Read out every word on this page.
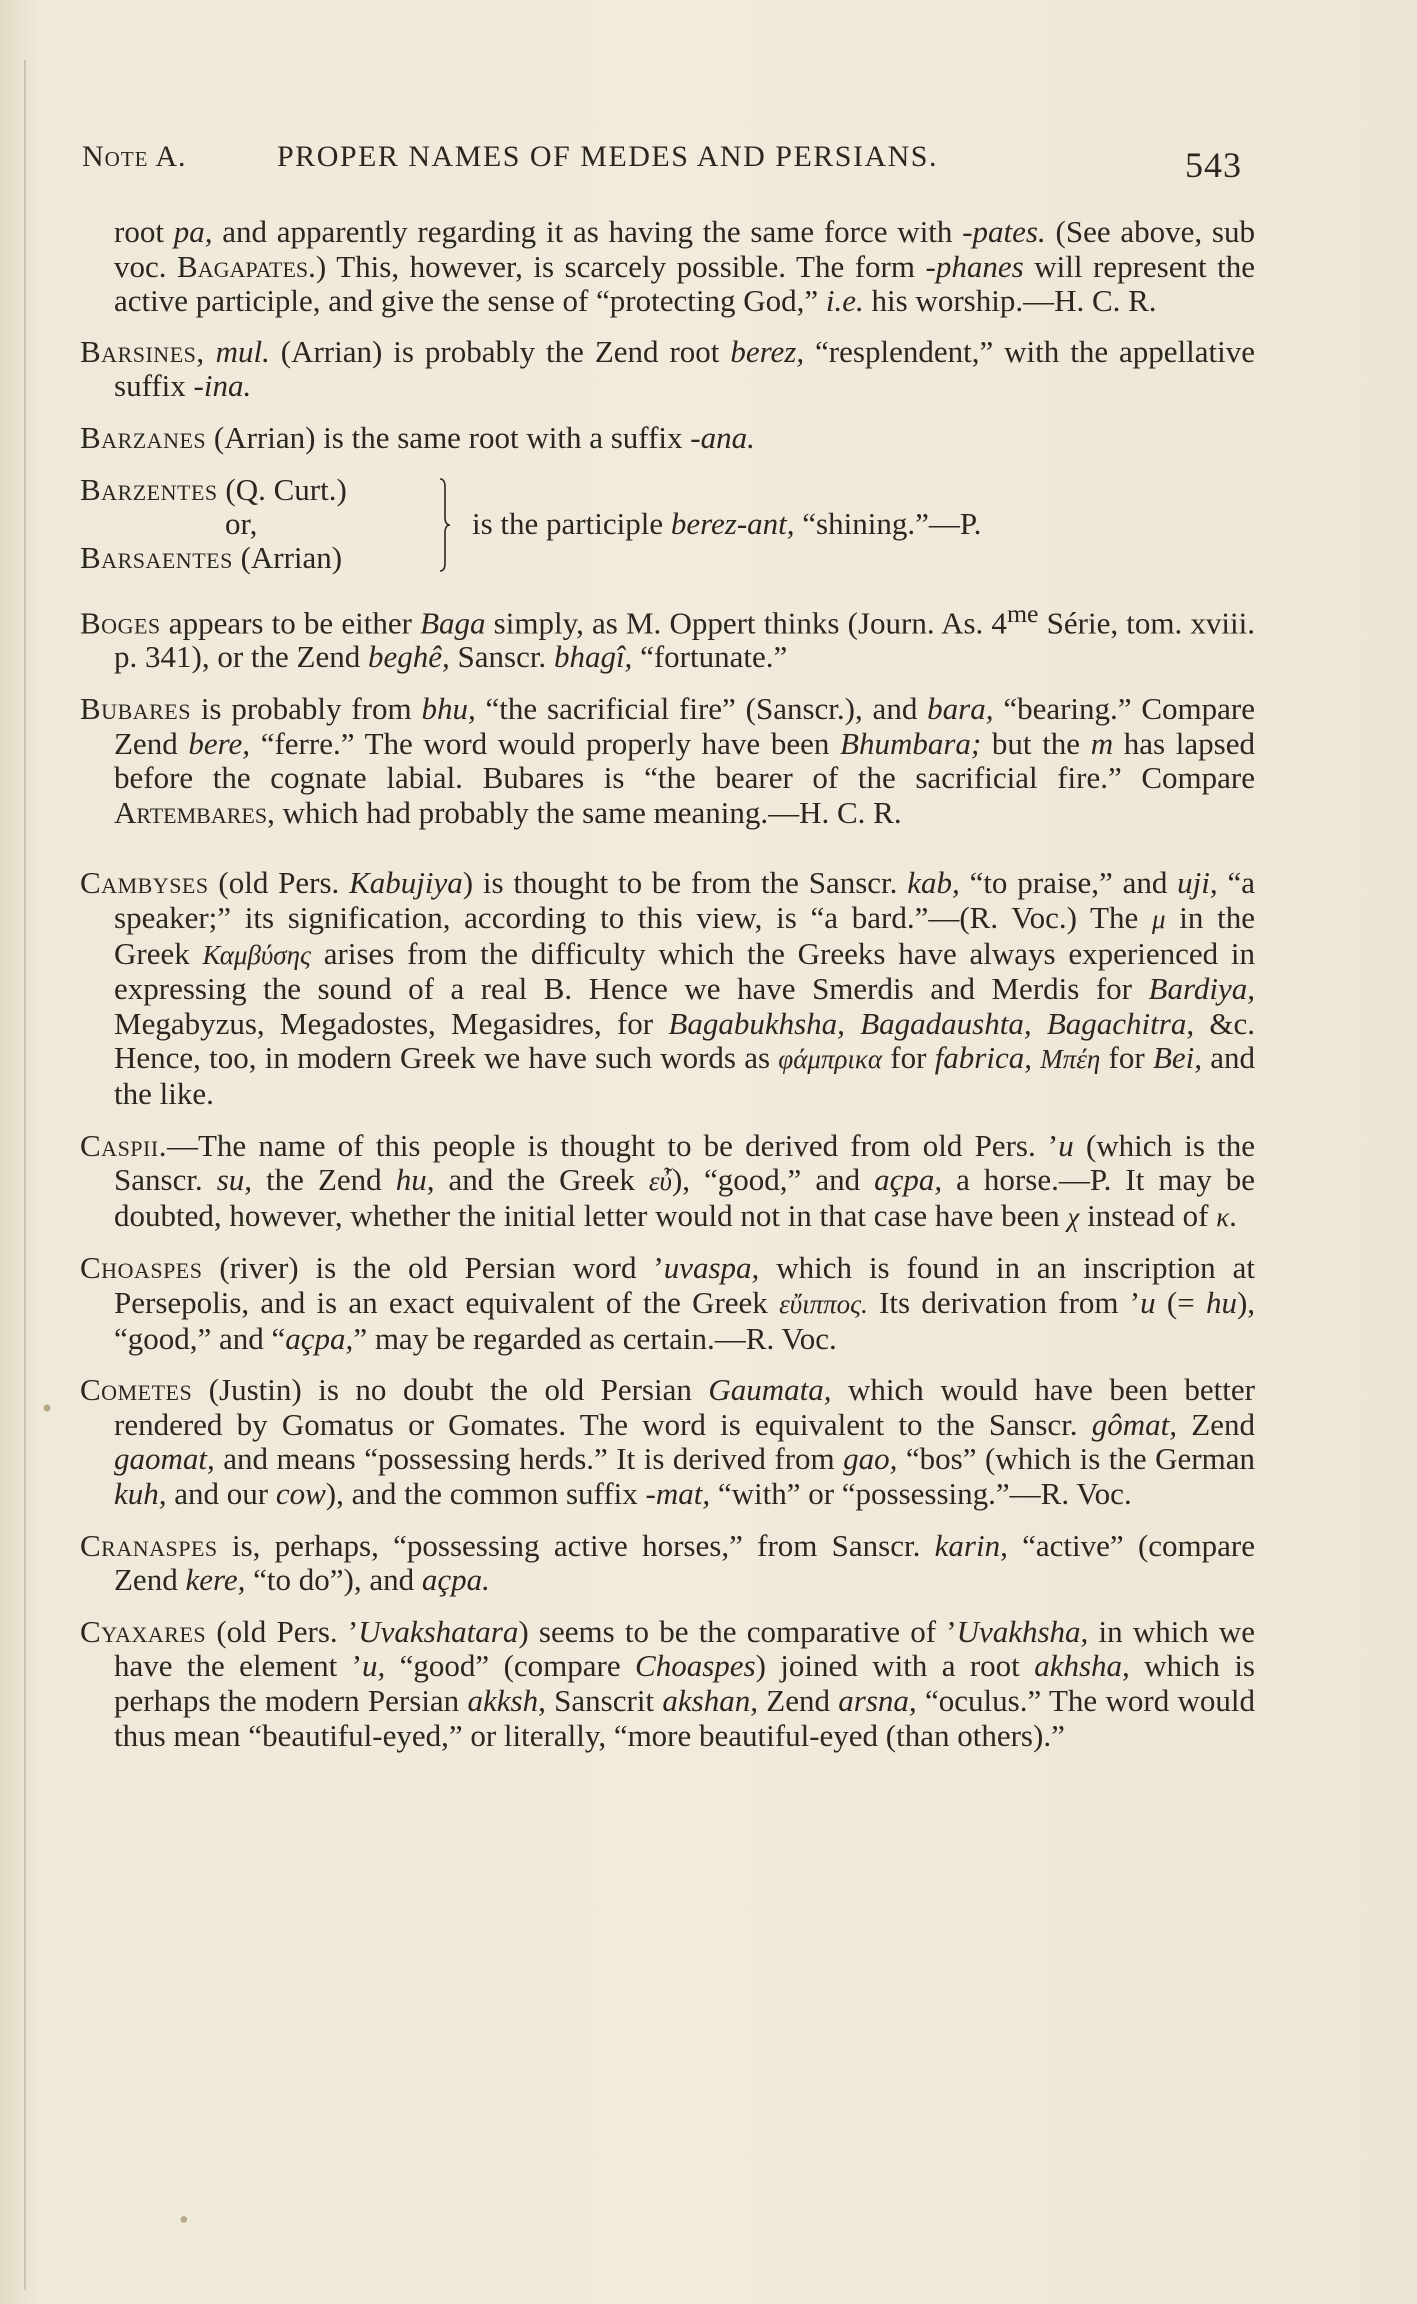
Note A.	PROPER NAMES OF MEDES AND PERSIANS.	543

root pa, and apparently regarding it as having the same force with -pates. (See above, sub voc. Bagapates.) This, however, is scarcely possible. The form -phanes will represent the active participle, and give the sense of “protecting God,” i.e. his worship.—H. C. R.

Barsines, mul. (Arrian) is probably the Zend root berez, “resplendent,” with the appellative suffix -ina.

Barzanes (Arrian) is the same root with a suffix -ana.

Barzentes (Q. Curt.)
or,
Barsaentes (Arrian)
is the participle berez-ant, “shining.”—P.

Boges appears to be either Baga simply, as M. Oppert thinks (Journ. As. $4^{me}$ Série, tom. xviii. p. 341), or the Zend beghê, Sanscr. bhagî, “fortunate.”

Bubares is probably from bhu, “the sacrificial fire” (Sanscr.), and bara, “bearing.” Compare Zend bere, “ferre.” The word would properly have been Bhumbara; but the m has lapsed before the cognate labial. Bubares is “the bearer of the sacrificial fire.” Compare Artembares, which had probably the same meaning.—H. C. R.

Cambyses (old Pers. Kabujiya) is thought to be from the Sanscr. kab, “to praise,” and uji, “a speaker;” its signification, according to this view, is “a bard.”—(R. Voc.) The μ in the Greek Καμβύσης arises from the difficulty which the Greeks have always experienced in expressing the sound of a real B. Hence we have Smerdis and Merdis for Bardiya, Megabyzus, Megadostes, Megasidres, for Bagabukhsha, Bagadaushta, Bagachitra, &c. Hence, too, in modern Greek we have such words as φάμπρικα for fabrica, Μπέη for Bei, and the like.

Caspii.—The name of this people is thought to be derived from old Pers. ’u (which is the Sanscr. su, the Zend hu, and the Greek εὖ), “good,” and açpa, a horse.—P. It may be doubted, however, whether the initial letter would not in that case have been χ instead of κ.

Choaspes (river) is the old Persian word ’uvaspa, which is found in an inscription at Persepolis, and is an exact equivalent of the Greek εὔιππος. Its derivation from ’u (= hu), “good,” and “açpa,” may be regarded as certain.—R. Voc.

Cometes (Justin) is no doubt the old Persian Gaumata, which would have been better rendered by Gomatus or Gomates. The word is equivalent to the Sanscr. gômat, Zend gaomat, and means “possessing herds.” It is derived from gao, “bos” (which is the German kuh, and our cow), and the common suffix -mat, “with” or “possessing.”—R. Voc.

Cranaspes is, perhaps, “possessing active horses,” from Sanscr. karin, “active” (compare Zend kere, “to do”), and açpa.

Cyaxares (old Pers. ’Uvakshatara) seems to be the comparative of ’Uvakhsha, in which we have the element ’u, “good” (compare Choaspes) joined with a root akhsha, which is perhaps the modern Persian akksh, Sanscrit akshan, Zend arsna, “oculus.” The word would thus mean “beautiful-eyed,” or literally, “more beautiful-eyed (than others).”

•
∙
